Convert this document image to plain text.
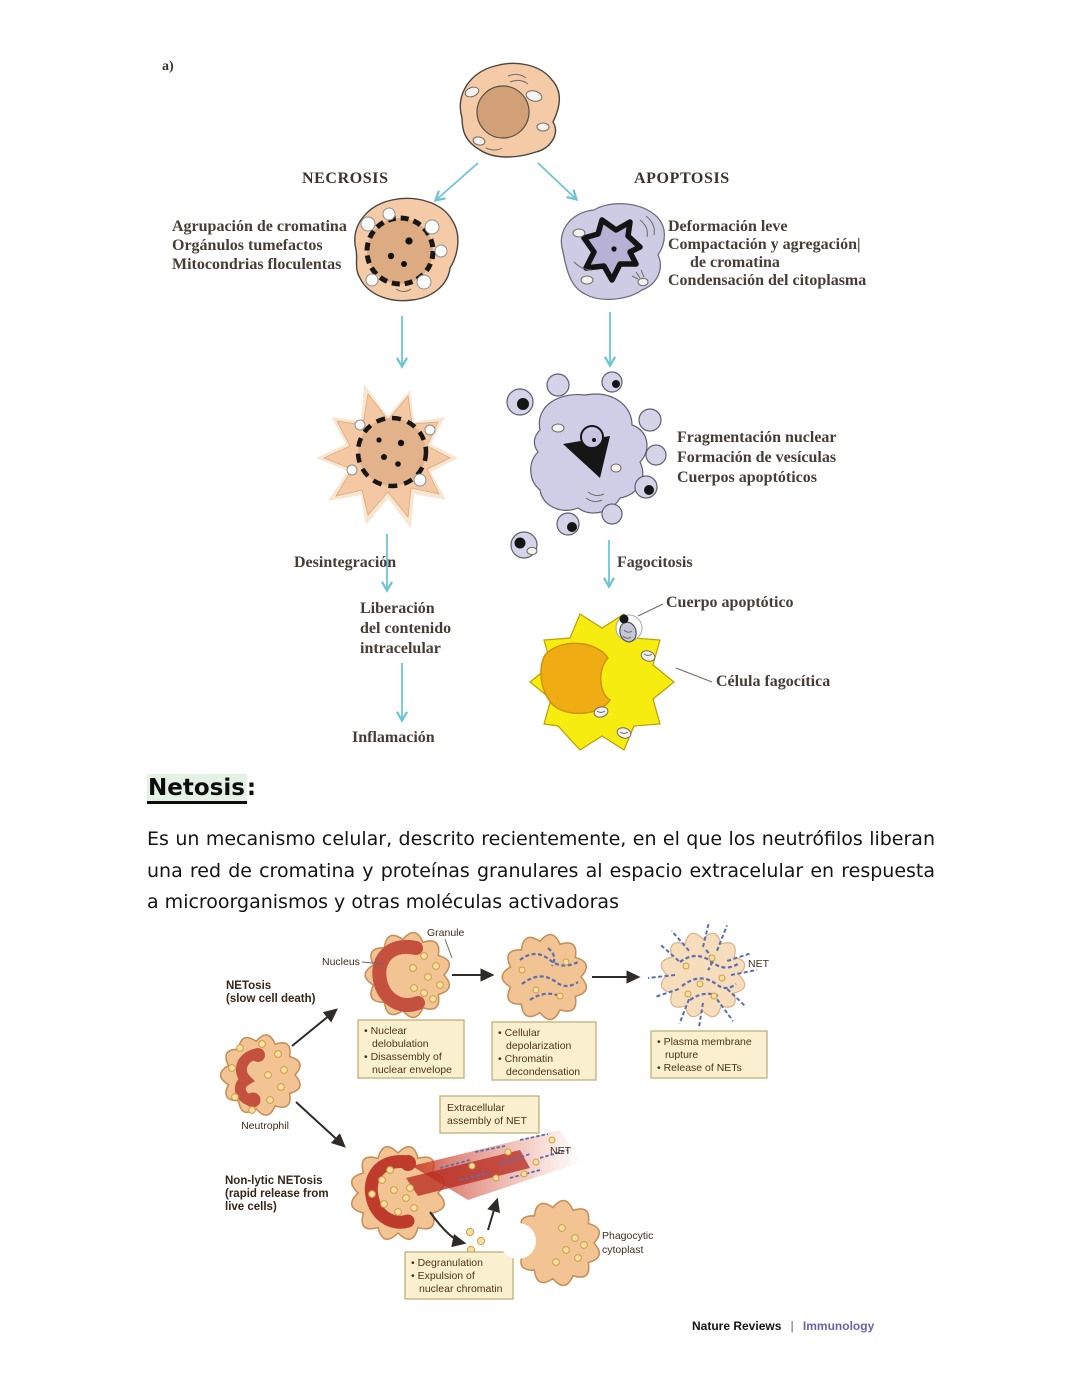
a)
NECROSIS	APOPTOSIS
Agrupación de cromatina
Orgánulos tumefactos
Mitocondrias floculentas
Deformación leve
Compactación y agregación|
de cromatina
Condensación del citoplasma
Fragmentación nuclear
Formación de vesículas
Cuerpos apoptóticos
Desintegración	Fagocitosis
Liberación
del contenido
intracelular
Inflamación
Cuerpo apoptótico
Célula fagocítica
NETosis
(slow cell death)
Non-lytic NETosis
(rapid release from
live cells)
Neutrophil
Granule
Nucleus
• Nuclear
delobulation
• Disassembly of
nuclear envelope
• Cellular
depolarization
• Chromatin
decondensation
NET
• Plasma membrane
rupture
• Release of NETs
Extracellular
assembly of NET
NET
• Degranulation
• Expulsion of
nuclear chromatin
Phagocytic
cytoplast
Nature Reviews | Immunology
Netosis:
Es un mecanismo celular, descrito recientemente, en el que los neutrófilos liberan una red de cromatina y proteínas granulares al espacio extracelular en respuesta a microorganismos y otras moléculas activadoras
